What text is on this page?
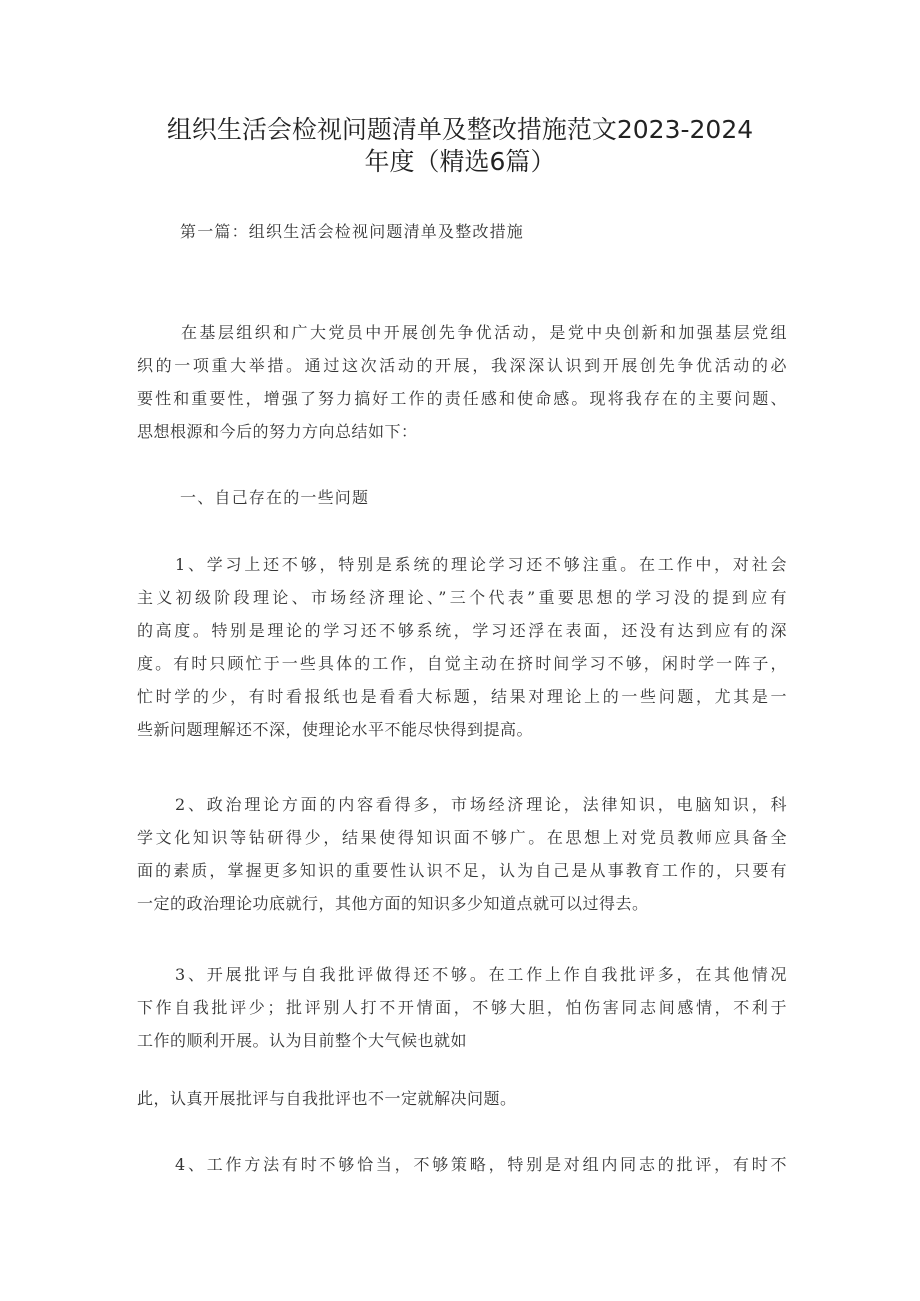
组织生活会检视问题清单及整改措施范文2023-2024
年度（精选6篇）

第一篇：组织生活会检视问题清单及整改措施

在基层组织和广大党员中开展创先争优活动，是党中央创新和加强基层党组
织的一项重大举措。通过这次活动的开展，我深深认识到开展创先争优活动的必
要性和重要性，增强了努力搞好工作的责任感和使命感。现将我存在的主要问题、
思想根源和今后的努力方向总结如下：

一、自己存在的一些问题

1、学习上还不够，特别是系统的理论学习还不够注重。在工作中，对社会
主义初级阶段理论、市场经济理论、”三个代表”重要思想的学习没的提到应有
的高度。特别是理论的学习还不够系统，学习还浮在表面，还没有达到应有的深
度。有时只顾忙于一些具体的工作，自觉主动在挤时间学习不够，闲时学一阵子，
忙时学的少，有时看报纸也是看看大标题，结果对理论上的一些问题，尤其是一
些新问题理解还不深，使理论水平不能尽快得到提高。
2、政治理论方面的内容看得多，市场经济理论，法律知识，电脑知识，科
学文化知识等钻研得少，结果使得知识面不够广。在思想上对党员教师应具备全
面的素质，掌握更多知识的重要性认识不足，认为自己是从事教育工作的，只要有
一定的政治理论功底就行，其他方面的知识多少知道点就可以过得去。
3、开展批评与自我批评做得还不够。在工作上作自我批评多，在其他情况
下作自我批评少；批评别人打不开情面，不够大胆，怕伤害同志间感情，不利于
工作的顺利开展。认为目前整个大气候也就如
此，认真开展批评与自我批评也不一定就解决问题。
4、工作方法有时不够恰当，不够策略，特别是对组内同志的批评，有时不
